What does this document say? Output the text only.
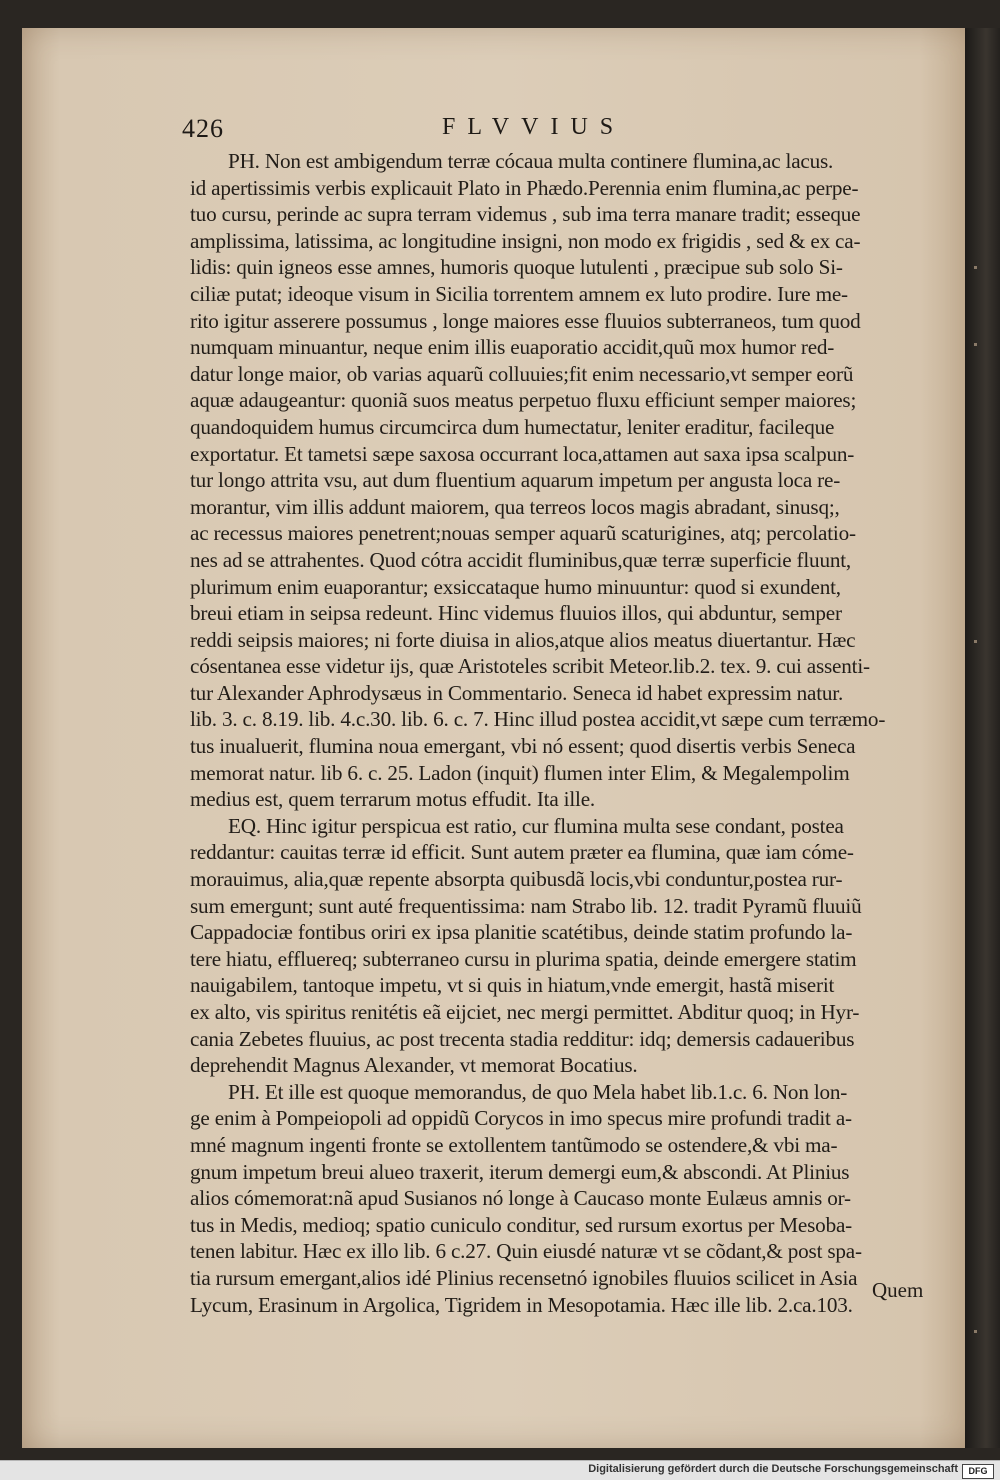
426	FLVVIUS
PH. Non est ambigendum terræ cócaua multa continere flumina,ac lacus.
id apertissimis verbis explicauit Plato in Phædo.Perennia enim flumina,ac perpe-
tuo cursu, perinde ac supra terram videmus , sub ima terra manare tradit; esseque
amplissima, latissima, ac longitudine insigni, non modo ex frigidis , sed & ex ca-
lidis: quin igneos esse amnes, humoris quoque lutulenti , præcipue sub solo Si-
ciliæ putat; ideoque visum in Sicilia torrentem amnem ex luto prodire. Iure me-
rito igitur asserere possumus , longe maiores esse fluuios subterraneos, tum quod
numquam minuantur, neque enim illis euaporatio accidit,quũ mox humor red-
datur longe maior, ob varias aquarũ colluuies;fit enim necessario,vt semper eorũ
aquæ adaugeantur: quoniã suos meatus perpetuo fluxu efficiunt semper maiores;
quandoquidem humus circumcirca dum humectatur, leniter eraditur, facileque
exportatur. Et tametsi sæpe saxosa occurrant loca,attamen aut saxa ipsa scalpun-
tur longo attrita vsu, aut dum fluentium aquarum impetum per angusta loca re-
morantur, vim illis addunt maiorem, qua terreos locos magis abradant, sinusq;,
ac recessus maiores penetrent;nouas semper aquarũ scaturigines, atq; percolatio-
nes ad se attrahentes. Quod cótra accidit fluminibus,quæ terræ superficie fluunt,
plurimum enim euaporantur; exsiccataque humo minuuntur: quod si exundent,
breui etiam in seipsa redeunt. Hinc videmus fluuios illos, qui abduntur, semper
reddi seipsis maiores; ni forte diuisa in alios,atque alios meatus diuertantur. Hæc
cósentanea esse videtur ijs, quæ Aristoteles scribit Meteor.lib.2. tex. 9. cui assenti-
tur Alexander Aphrodysæus in Commentario. Seneca id habet expressim natur.
lib. 3. c. 8.19. lib. 4.c.30. lib. 6. c. 7. Hinc illud postea accidit,vt sæpe cum terræmo-
tus inualuerit, flumina noua emergant, vbi nó essent; quod disertis verbis Seneca
memorat natur. lib 6. c. 25. Ladon (inquit) flumen inter Elim, & Megalempolim
medius est, quem terrarum motus effudit. Ita ille.
EQ. Hinc igitur perspicua est ratio, cur flumina multa sese condant, postea
reddantur: cauitas terræ id efficit. Sunt autem præter ea flumina, quæ iam cóme-
morauimus, alia,quæ repente absorpta quibusdã locis,vbi conduntur,postea rur-
sum emergunt; sunt auté frequentissima: nam Strabo lib. 12. tradit Pyramũ fluuiũ
Cappadociæ fontibus oriri ex ipsa planitie scatétibus, deinde statim profundo la-
tere hiatu, effluereq; subterraneo cursu in plurima spatia, deinde emergere statim
nauigabilem, tantoque impetu, vt si quis in hiatum,vnde emergit, hastã miserit
ex alto, vis spiritus renitétis eã eijciet, nec mergi permittet. Abditur quoq; in Hyr-
cania Zebetes fluuius, ac post trecenta stadia redditur: idq; demersis cadaueribus
deprehendit Magnus Alexander, vt memorat Bocatius.
PH. Et ille est quoque memorandus, de quo Mela habet lib.1.c. 6. Non lon-
ge enim à Pompeiopoli ad oppidũ Corycos in imo specus mire profundi tradit a-
mné magnum ingenti fronte se extollentem tantũmodo se ostendere,& vbi ma-
gnum impetum breui alueo traxerit, iterum demergi eum,& abscondi. At Plinius
alios cómemorat:nã apud Susianos nó longe à Caucaso monte Eulæus amnis or-
tus in Medis, medioq; spatio cuniculo conditur, sed rursum exortus per Mesoba-
tenen labitur. Hæc ex illo lib. 6 c.27. Quin eiusdé naturæ vt se cõdant,& post spa-
tia rursum emergant,alios idé Plinius recensetnó ignobiles fluuios scilicet in Asia
Lycum, Erasinum in Argolica, Tigridem in Mesopotamia. Hæc ille lib. 2.ca.103.
Quem
Digitalisierung gefördert durch die Deutsche Forschungsgemeinschaft	DFG
